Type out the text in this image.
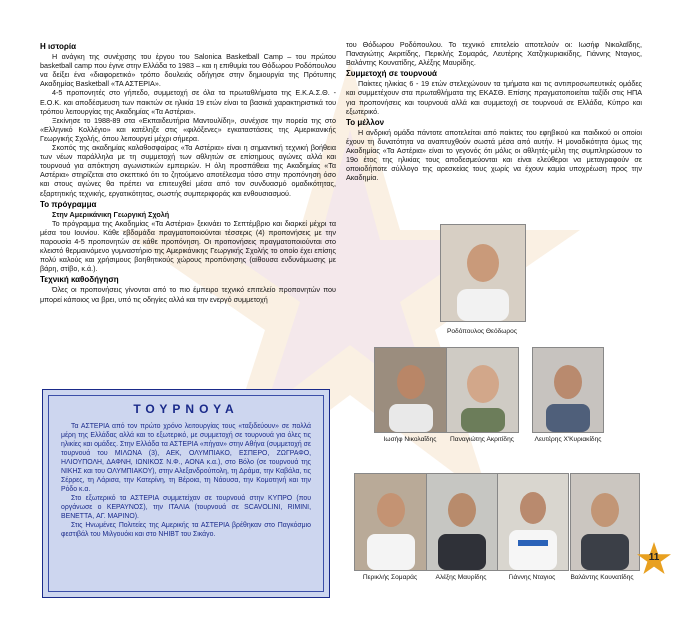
Η ιστορία

Η ανάγκη της συνέχισης του έργου του Salonica Basketball Camp – του πρώτου basketball camp που έγινε στην Ελλάδα το 1983 – και η επιθυμία του Θόδωρου Ροδόπουλου να δείξει ένα «διαφορετικό» τρόπο δουλειάς οδήγησε στην δημιουργία της Πρότυπης Ακαδημίας Basketball «ΤΑ ΑΣΤΕΡΙΑ».

4-5 προπονητές στο γήπεδο, συμμετοχή σε όλα τα πρωταθλήματα της Ε.Κ.Α.Σ.Θ. - Ε.Ο.Κ. και αποδέσμευση των παικτών σε ηλικία 19 ετών είναι τα βασικά χαρακτηριστικά του τρόπου λειτουργίας της Ακαδημίας «Τα Αστέρια».

Ξεκίνησε το 1988-89 στα «Εκπαιδευτήρια Μαντουλίδη», συνέχισε την πορεία της στο «Ελληνικό Κολλέγιο» και κατέληξε στις «φιλόξενες» εγκαταστάσεις της Αμερικανικής Γεωργικής Σχολής, όπου λειτουργεί μέχρι σήμερα.

Σκοπός της ακαδημίας καλαθοσφαίρας «Τα Αστέρια» είναι η σημαντική τεχνική βοήθεια των νέων παράλληλα με τη συμμετοχή των αθλητών σε επίσημους αγώνες αλλά και τουρνουά για απόκτηση αγωνιστικών εμπειριών. Η όλη προσπάθεια της Ακαδημίας «Τα Αστέρια» στηρίζεται στο σκεπτικό ότι το ζητούμενο αποτέλεσμα τόσο στην προπόνηση όσο και στους αγώνες θα πρέπει να επιτευχθεί μέσα από τον συνδυασμό ομαδικότητας, εξαρτητικής τεχνικής, εργατικότητας, σωστής συμπεριφοράς και ενθουσιασμού.

Το πρόγραμμα

Στην Αμερικάνικη Γεωργική Σχολή

Το πρόγραμμα της Ακαδημίας «Τα Αστέρια» ξεκινάει το Σεπτέμβριο και διαρκεί μέχρι τα μέσα του Ιουνίου. Κάθε εβδομάδα πραγματοποιούνται τέσσερις (4) προπονήσεις με την παρουσία 4-5 προπονητών σε κάθε προπόνηση. Οι προπονήσεις πραγματοποιούνται στο κλειστό θερμαινόμενο γυμναστήριο της Αμερικάνικης Γεωργικής Σχολής το οποίο έχει επίσης πολύ καλούς και χρήσιμους βοηθητικούς χώρους προπόνησης (αίθουσα ενδυνάμωσης με βάρη, στίβο, κ.ά.).

Τεχνική καθοδήγηση

Όλες οι προπονήσεις γίνονται από το πιο έμπειρο τεχνικό επιτελείο προπονητών που μπορεί κάποιος να βρει, υπό τις οδηγίες αλλά και την ενεργό συμμετοχή

ΤΟΥΡΝΟΥΑ

Τα ΑΣΤΕΡΙΑ από τον πρώτο χρόνο λειτουργίας τους «ταξιδεύουν» σε πολλά μέρη της Ελλάδας αλλά και το εξωτερικό, με συμμετοχή σε τουρνουά για όλες τις ηλικίες και ομάδες. Στην Ελλάδα τα ΑΣΤΕΡΙΑ «πήγαν» στην Αθήνα (συμμετοχή σε τουρνουά του ΜΙΛΩΝΑ (3), ΑΕΚ, ΟΛΥΜΠΙΑΚΟ, ΕΣΠΕΡΟ, ΖΩΓΡΑΦΟ, ΗΛΙΟΥΠΟΛΗ, ΔΑΦΝΗ, ΙΩΝΙΚΟΣ Ν.Φ., ΑΟΝΑ κ.α.), στο Βόλο (σε τουρνουά της ΝΙΚΗΣ και του ΟΛΥΜΠΙΑΚΟΥ), στην Αλεξανδρούπολη, τη Δράμα, την Καβάλα, τις Σέρρες, τη Λάρισα, την Κατερίνη, τη Βέροια, τη Νάουσα, την Κομοτηνή και την Ρόδο κ.α.

Στο εξωτερικό τα ΑΣΤΕΡΙΑ συμμετείχαν σε τουρνουά στην ΚΥΠΡΟ (που οργάνωσε ο ΚΕΡΑΥΝΟΣ), την ΙΤΑΛΙΑ (τουρνουά σε SCAVOLINI, RIMINI, BENETTA, ΑΓ. ΜΑΡΙΝΟ).

Στις Ηνωμένες Πολιτείες της Αμερικής τα ΑΣΤΕΡΙΑ βρέθηκαν στο Παγκόσμιο φεστιβάλ του Μιλγουόκι και στο NHIBT του Σικάγο.

του Θόδωρου Ροδόπουλου. Το τεχνικό επιτελείο αποτελούν οι: Ιωσήφ Νικολαΐδης, Παναγιώτης Ακριτίδης, Περικλής Σομαράς, Λευτέρης Χατζηκυριακίδης, Γιάννης Νταγιος, Βαλάντης Κουνατίδης, Αλέξης Μαυρίδης.

Συμμετοχή σε τουρνουά

Παίκτες ηλικίας 6 - 19 ετών στελεχώνουν τα τμήματα και τις αντιπροσωπευτικές ομάδες και συμμετέχουν στα πρωταθλήματα της ΕΚΑΣΘ. Επίσης πραγματοποιείται ταξίδι στις ΗΠΑ για προπονήσεις και τουρνουά αλλά και συμμετοχή σε τουρνουά σε Ελλάδα, Κύπρο και εξωτερικό.

Το μέλλον

Η ανδρική ομάδα πάντοτε αποτελείται από παίκτες του εφηβικού και παιδικού οι οποίοι έχουν τη δυνατότητα να αναπτυχθούν σωστά μέσα από αυτήν. Η μοναδικότητα όμως της Ακαδημίας «Τα Αστέρια» είναι το γεγονός ότι μόλις οι αθλητές-μέλη της συμπληρώσουν το 19ο έτος της ηλικίας τους αποδεσμεύονται και είναι ελεύθεροι να μεταγραφούν σε οποιοδήποτε σύλλογο της αρεσκείας τους χωρίς να έχουν καμία υποχρέωση προς την Ακαδημία.

Ροδόπουλος Θεόδωρος
Ιωσήφ Νικολαΐδης	Παναγιώτης Ακριτίδης	Λευτέρης Χ'Κυριακίδης
Περικλής Σομαράς	Αλέξης Μαυρίδης	Γιάννης Νταγιος	Βαλάντης Κουνατίδης
11
